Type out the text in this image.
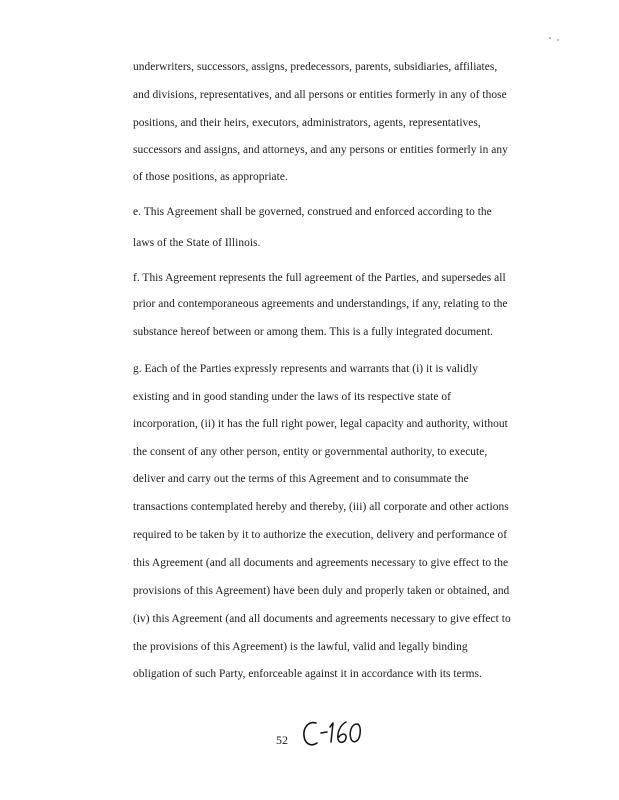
underwriters, successors, assigns, predecessors, parents, subsidiaries, affiliates,
and divisions, representatives, and all persons or entities formerly in any of those
positions, and their heirs, executors, administrators, agents, representatives,
successors and assigns, and attorneys, and any persons or entities formerly in any
of those positions, as appropriate.
e. This Agreement shall be governed, construed and enforced according to the
laws of the State of Illinois.
f. This Agreement represents the full agreement of the Parties, and supersedes all
prior and contemporaneous agreements and understandings, if any, relating to the
substance hereof between or among them. This is a fully integrated document.
g. Each of the Parties expressly represents and warrants that (i) it is validly
existing and in good standing under the laws of its respective state of
incorporation, (ii) it has the full right power, legal capacity and authority, without
the consent of any other person, entity or governmental authority, to execute,
deliver and carry out the terms of this Agreement and to consummate the
transactions contemplated hereby and thereby, (iii) all corporate and other actions
required to be taken by it to authorize the execution, delivery and performance of
this Agreement (and all documents and agreements necessary to give effect to the
provisions of this Agreement) have been duly and properly taken or obtained, and
(iv) this Agreement (and all documents and agreements necessary to give effect to
the provisions of this Agreement) is the lawful, valid and legally binding
obligation of such Party, enforceable against it in accordance with its terms.
52
